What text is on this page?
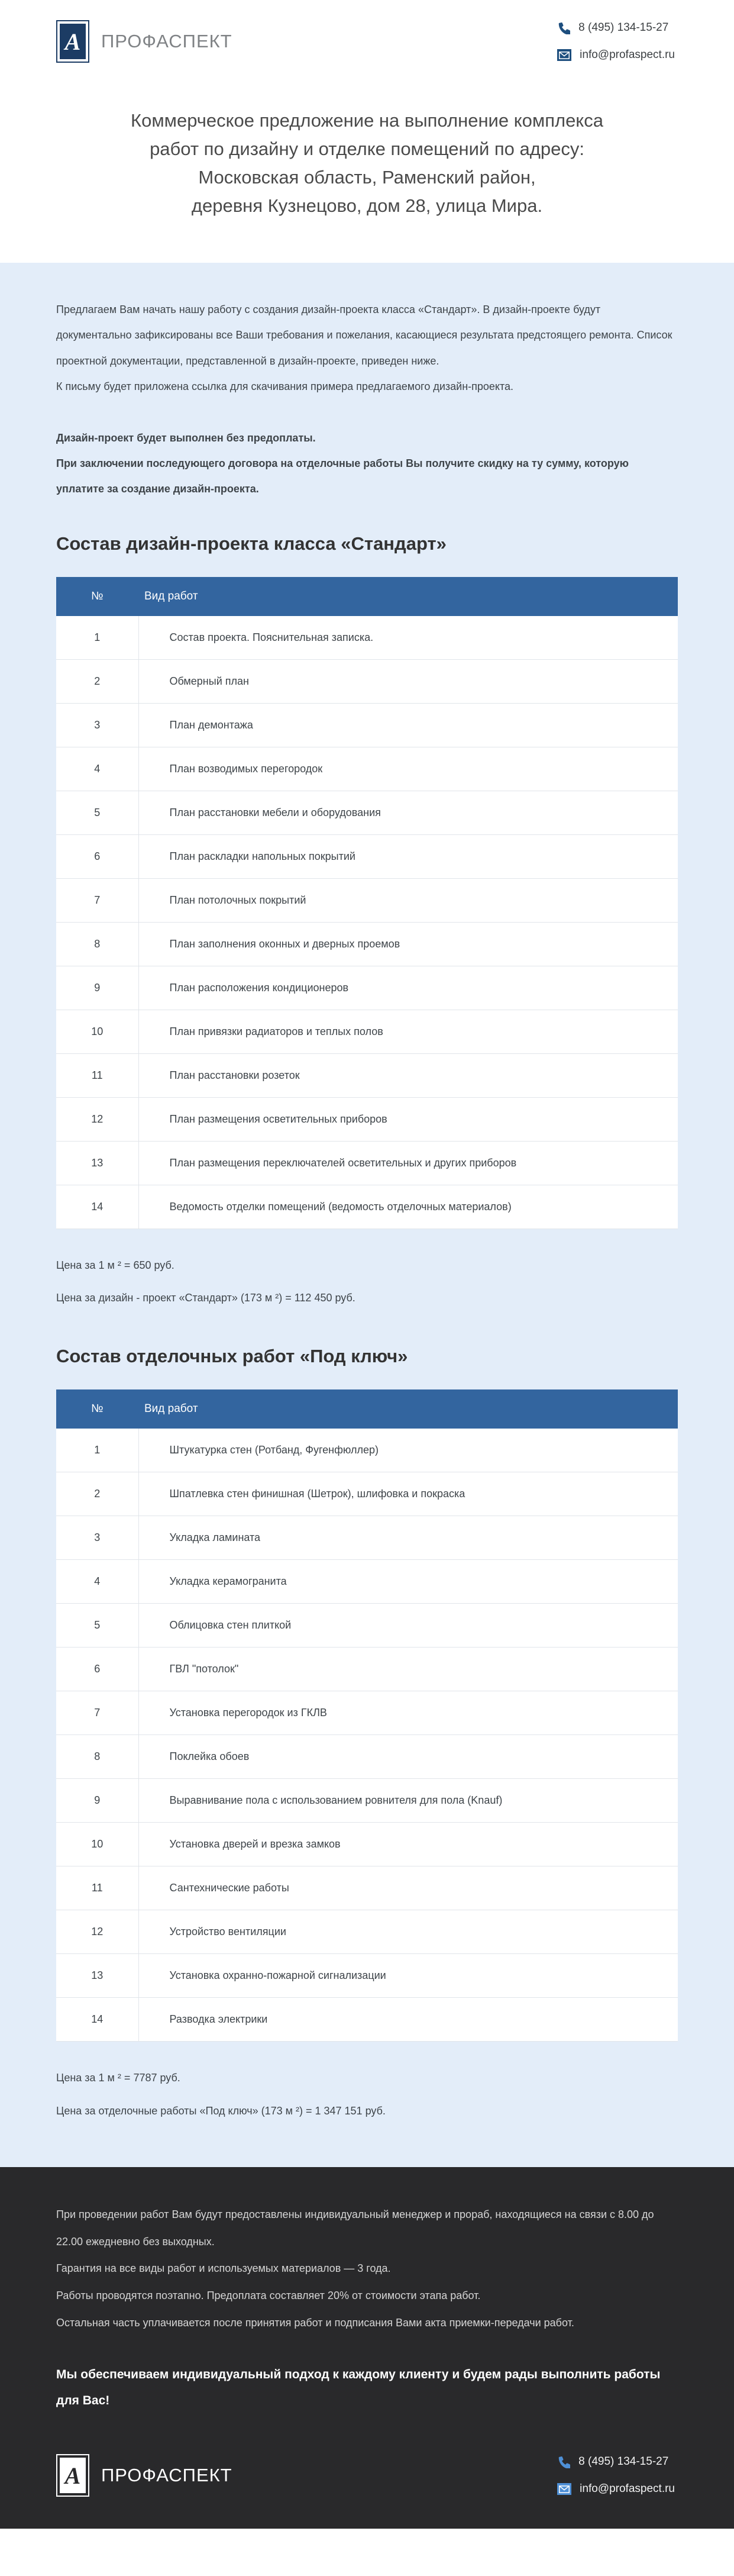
A ПРОФАСПЕКТ
8 (495) 134-15-27
info@profaspect.ru
Коммерческое предложение на выполнение комплекса
работ по дизайну и отделке помещений по адресу:
Московская область, Раменский район,
деревня Кузнецово, дом 28, улица Мира.

Предлагаем Вам начать нашу работу с создания дизайн-проекта класса «Стандарт». В дизайн-проекте будут документально зафиксированы все Ваши требования и пожелания, касающиеся результата предстоящего ремонта. Список проектной документации, представленной в дизайн-проекте, приведен ниже.

К письму будет приложена ссылка для скачивания примера предлагаемого дизайн-проекта.

Дизайн-проект будет выполнен без предоплаты.

При заключении последующего договора на отделочные работы Вы получите скидку на ту сумму, которую уплатите за создание дизайн-проекта.

Состав дизайн-проекта класса «Стандарт»
№	Вид работ
1	Состав проекта. Пояснительная записка.
2	Обмерный план
3	План демонтажа
4	План возводимых перегородок
5	План расстановки мебели и оборудования
6	План раскладки напольных покрытий
7	План потолочных покрытий
8	План заполнения оконных и дверных проемов
9	План расположения кондиционеров
10	План привязки радиаторов и теплых полов
11	План расстановки розеток
12	План размещения осветительных приборов
13	План размещения переключателей осветительных и других приборов
14	Ведомость отделки помещений (ведомость отделочных материалов)

Цена за 1 м ² = 650 руб.

Цена за дизайн - проект «Стандарт» (173 м ²) = 112 450 руб.

Состав отделочных работ «Под ключ»
№	Вид работ
1	Штукатурка стен (Ротбанд, Фугенфюллер)
2	Шпатлевка стен финишная (Шетрок), шлифовка и покраска
3	Укладка ламината
4	Укладка керамогранита
5	Облицовка стен плиткой
6	ГВЛ "потолок"
7	Установка перегородок из ГКЛВ
8	Поклейка обоев
9	Выравнивание пола с использованием ровнителя для пола (Knauf)
10	Установка дверей и врезка замков
11	Сантехнические работы
12	Устройство вентиляции
13	Установка охранно-пожарной сигнализации
14	Разводка электрики

Цена за 1 м ² = 7787 руб.

Цена за отделочные работы «Под ключ» (173 м ²) = 1 347 151 руб.

При проведении работ Вам будут предоставлены индивидуальный менеджер и прораб, находящиеся на связи с 8.00 до 22.00 ежедневно без выходных.

Гарантия на все виды работ и используемых материалов — 3 года.

Работы проводятся поэтапно. Предоплата составляет 20% от стоимости этапа работ.

Остальная часть уплачивается после принятия работ и подписания Вами акта приемки-передачи работ.

Мы обеспечиваем индивидуальный подход к каждому клиенту и будем рады выполнить работы для Вас!

A ПРОФАСПЕКТ
8 (495) 134-15-27
info@profaspect.ru
